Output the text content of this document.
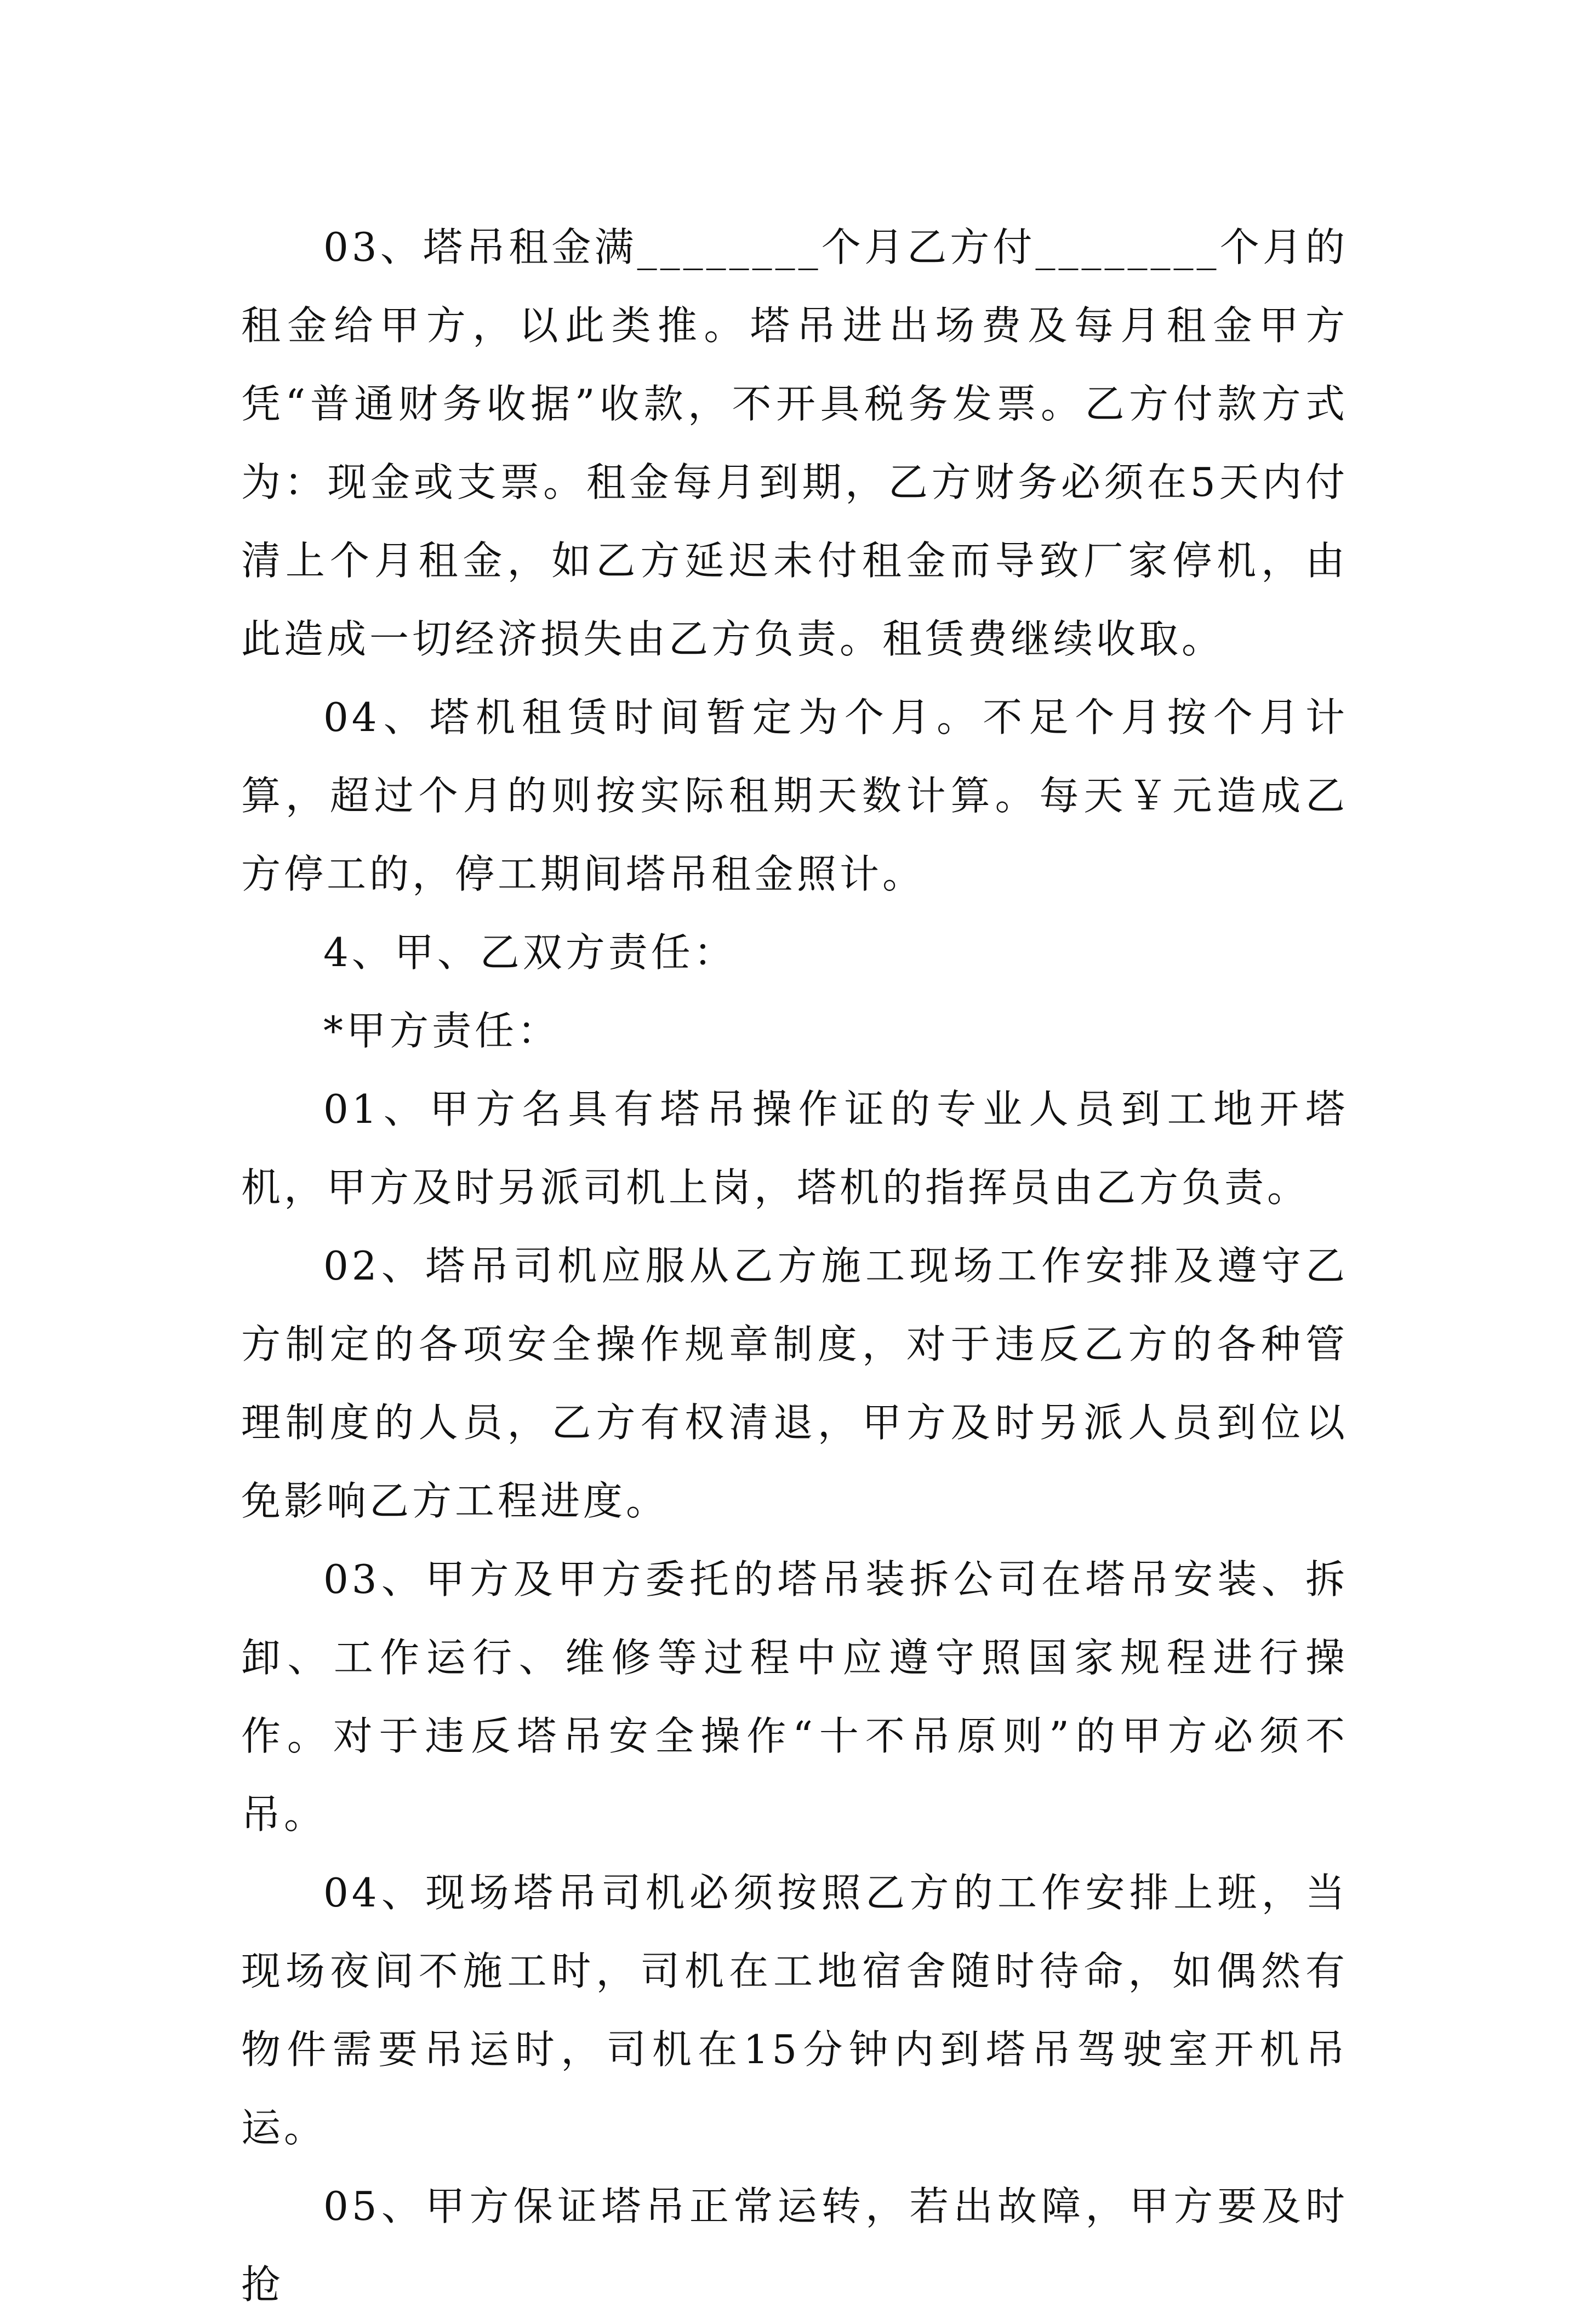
03、塔吊租金满________个月乙方付________个月的租金给甲方，以此类推。塔吊进出场费及每月租金甲方凭“普通财务收据”收款，不开具税务发票。乙方付款方式为：现金或支票。租金每月到期，乙方财务必须在5天内付清上个月租金，如乙方延迟未付租金而导致厂家停机，由此造成一切经济损失由乙方负责。租赁费继续收取。

04、塔机租赁时间暂定为个月。不足个月按个月计算，超过个月的则按实际租期天数计算。每天￥元造成乙方停工的，停工期间塔吊租金照计。

4、甲、乙双方责任：

*甲方责任：

01、甲方名具有塔吊操作证的专业人员到工地开塔机，甲方及时另派司机上岗，塔机的指挥员由乙方负责。

02、塔吊司机应服从乙方施工现场工作安排及遵守乙方制定的各项安全操作规章制度，对于违反乙方的各种管理制度的人员，乙方有权清退，甲方及时另派人员到位以免影响乙方工程进度。

03、甲方及甲方委托的塔吊装拆公司在塔吊安装、拆卸、工作运行、维修等过程中应遵守照国家规程进行操作。对于违反塔吊安全操作“十不吊原则”的甲方必须不吊。

04、现场塔吊司机必须按照乙方的工作安排上班，当现场夜间不施工时，司机在工地宿舍随时待命，如偶然有物件需要吊运时，司机在15分钟内到塔吊驾驶室开机吊运。

05、甲方保证塔吊正常运转，若出故障，甲方要及时抢
